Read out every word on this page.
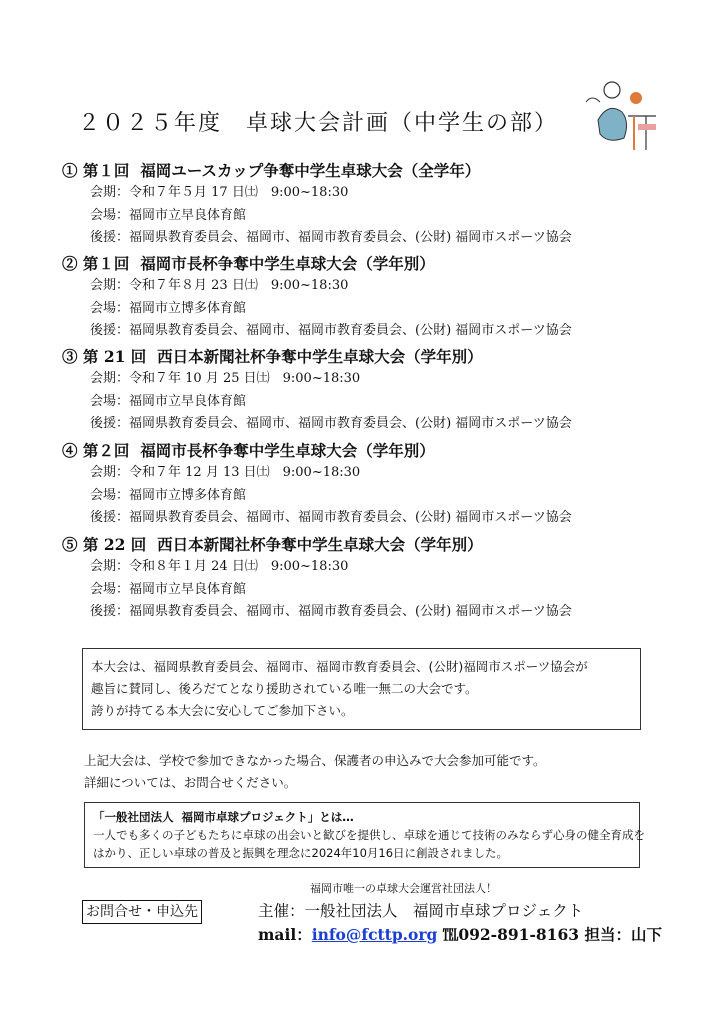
２０２５年度　卓球大会計画（中学生の部）
① 第１回  福岡ユースカップ争奪中学生卓球大会（全学年）
会期：令和７年５月 17 日㈯　9:00~18:30
会場：福岡市立早良体育館
後援：福岡県教育委員会、福岡市、福岡市教育委員会、(公財) 福岡市スポーツ協会
② 第１回  福岡市長杯争奪中学生卓球大会（学年別）
会期：令和７年８月 23 日㈯　9:00~18:30
会場：福岡市立博多体育館
後援：福岡県教育委員会、福岡市、福岡市教育委員会、(公財) 福岡市スポーツ協会
③ 第 21 回  西日本新聞社杯争奪中学生卓球大会（学年別）
会期：令和７年 10 月 25 日㈯　9:00~18:30
会場：福岡市立早良体育館
後援：福岡県教育委員会、福岡市、福岡市教育委員会、(公財) 福岡市スポーツ協会
④ 第２回  福岡市長杯争奪中学生卓球大会（学年別）
会期：令和７年 12 月 13 日㈯　9:00~18:30
会場：福岡市立博多体育館
後援：福岡県教育委員会、福岡市、福岡市教育委員会、(公財) 福岡市スポーツ協会
⑤ 第 22 回  西日本新聞社杯争奪中学生卓球大会（学年別）
会期：令和８年１月 24 日㈯　9:00~18:30
会場：福岡市立早良体育館
後援：福岡県教育委員会、福岡市、福岡市教育委員会、(公財) 福岡市スポーツ協会
本大会は、福岡県教育委員会、福岡市、福岡市教育委員会、(公財)福岡市スポーツ協会が
趣旨に賛同し、後ろだてとなり援助されている唯一無二の大会です。
誇りが持てる本大会に安心してご参加下さい。
上記大会は、学校で参加できなかった場合、保護者の申込みで大会参加可能です。
詳細については、お問合せください。
「一般社団法人  福岡市卓球プロジェクト」とは…
一人でも多くの子どもたちに卓球の出会いと歓びを提供し、卓球を通じて技術のみならず心身の健全育成を
はかり、正しい卓球の普及と振興を理念に2024年10月16日に創設されました。
福岡市唯一の卓球大会運営社団法人！
お問合せ・申込先	主催：一般社団法人　福岡市卓球プロジェクト
mail：info@fcttp.org ℡092-891-8163 担当：山下
